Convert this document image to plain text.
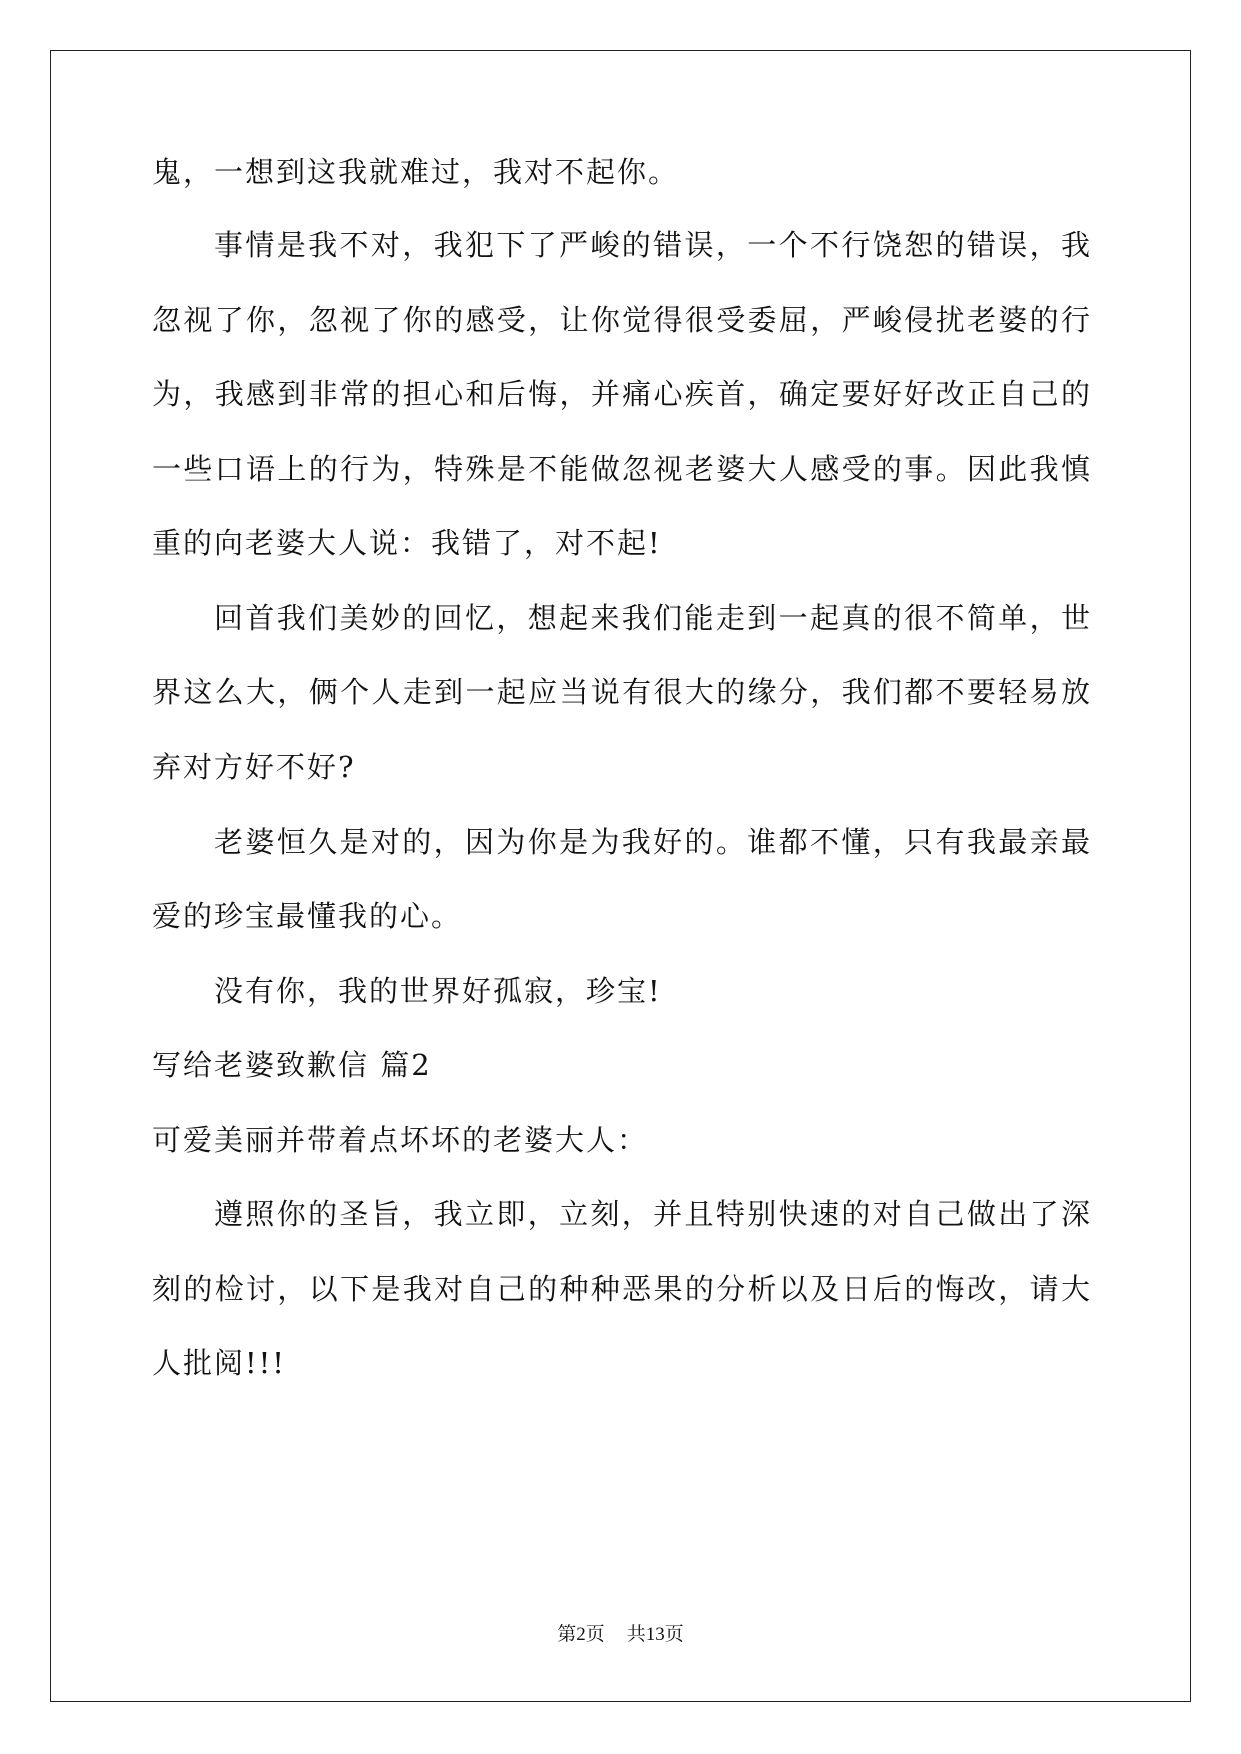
鬼，一想到这我就难过，我对不起你。
事情是我不对，我犯下了严峻的错误，一个不行饶恕的错误，我
忽视了你，忽视了你的感受，让你觉得很受委屈，严峻侵扰老婆的行
为，我感到非常的担心和后悔，并痛心疾首，确定要好好改正自己的
一些口语上的行为，特殊是不能做忽视老婆大人感受的事。因此我慎
重的向老婆大人说：我错了，对不起!
回首我们美妙的回忆，想起来我们能走到一起真的很不简单，世
界这么大，俩个人走到一起应当说有很大的缘分，我们都不要轻易放
弃对方好不好?
老婆恒久是对的，因为你是为我好的。谁都不懂，只有我最亲最
爱的珍宝最懂我的心。
没有你，我的世界好孤寂，珍宝!
写给老婆致歉信 篇2
可爱美丽并带着点坏坏的老婆大人：
遵照你的圣旨，我立即，立刻，并且特别快速的对自己做出了深
刻的检讨，以下是我对自己的种种恶果的分析以及日后的悔改，请大
人批阅!!!
第2页 共13页
